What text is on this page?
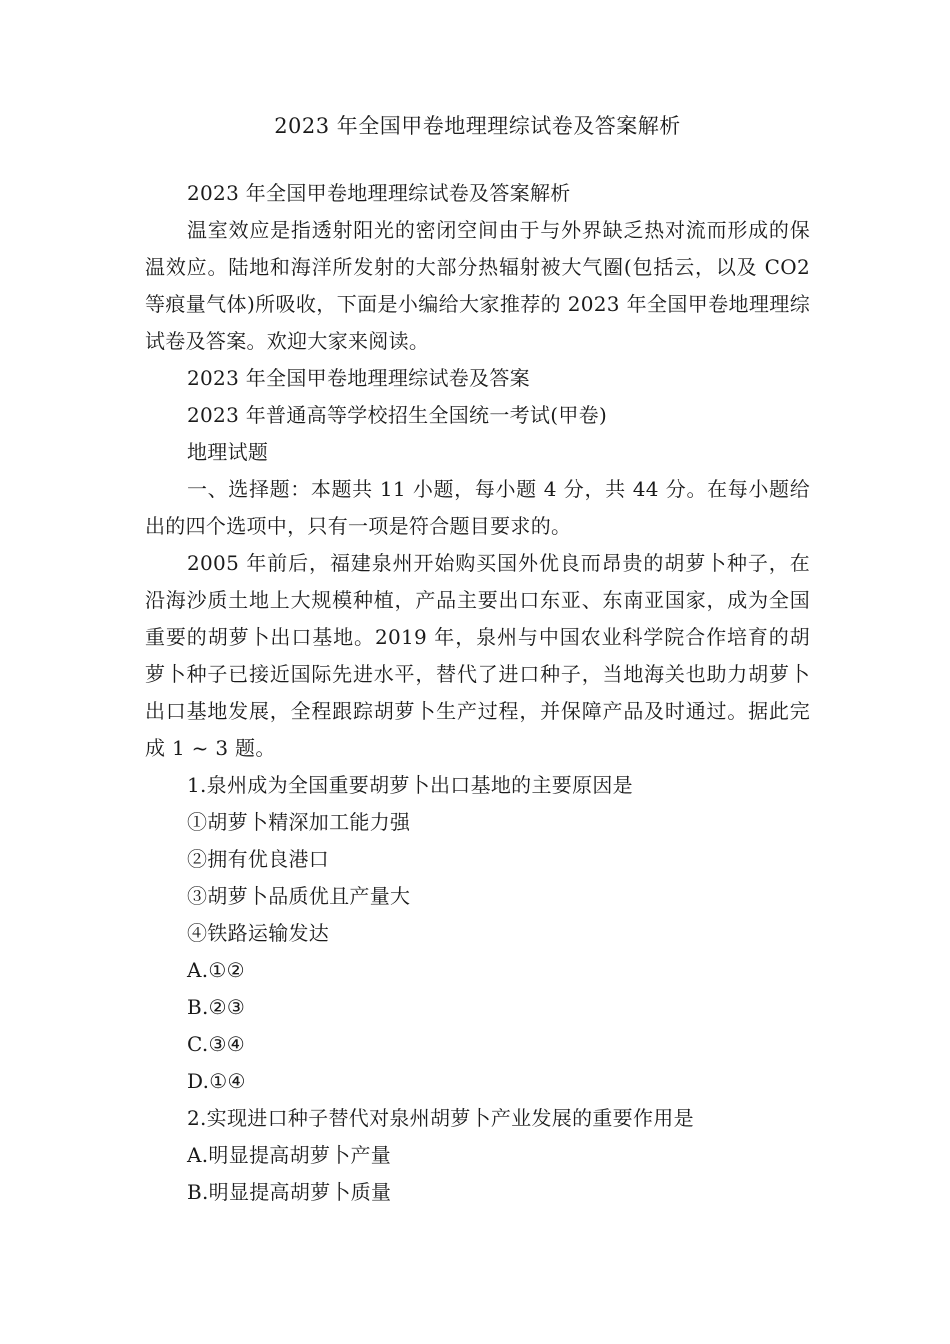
2023 年全国甲卷地理理综试卷及答案解析

2023 年全国甲卷地理理综试卷及答案解析

温室效应是指透射阳光的密闭空间由于与外界缺乏热对流而形成的保温效应。陆地和海洋所发射的大部分热辐射被大气圈(包括云，以及 CO2 等痕量气体)所吸收，下面是小编给大家推荐的 2023 年全国甲卷地理理综试卷及答案。欢迎大家来阅读。

2023 年全国甲卷地理理综试卷及答案

2023 年普通高等学校招生全国统一考试(甲卷)

地理试题

一、选择题：本题共 11 小题，每小题 4 分，共 44 分。在每小题给出的四个选项中，只有一项是符合题目要求的。

2005 年前后，福建泉州开始购买国外优良而昂贵的胡萝卜种子，在沿海沙质土地上大规模种植，产品主要出口东亚、东南亚国家，成为全国重要的胡萝卜出口基地。2019 年，泉州与中国农业科学院合作培育的胡萝卜种子已接近国际先进水平，替代了进口种子，当地海关也助力胡萝卜出口基地发展，全程跟踪胡萝卜生产过程，并保障产品及时通过。据此完成 1 ~ 3 题。

1.泉州成为全国重要胡萝卜出口基地的主要原因是

①胡萝卜精深加工能力强

②拥有优良港口

③胡萝卜品质优且产量大

④铁路运输发达

A.①②

B.②③

C.③④

D.①④

2.实现进口种子替代对泉州胡萝卜产业发展的重要作用是

A.明显提高胡萝卜产量

B.明显提高胡萝卜质量
